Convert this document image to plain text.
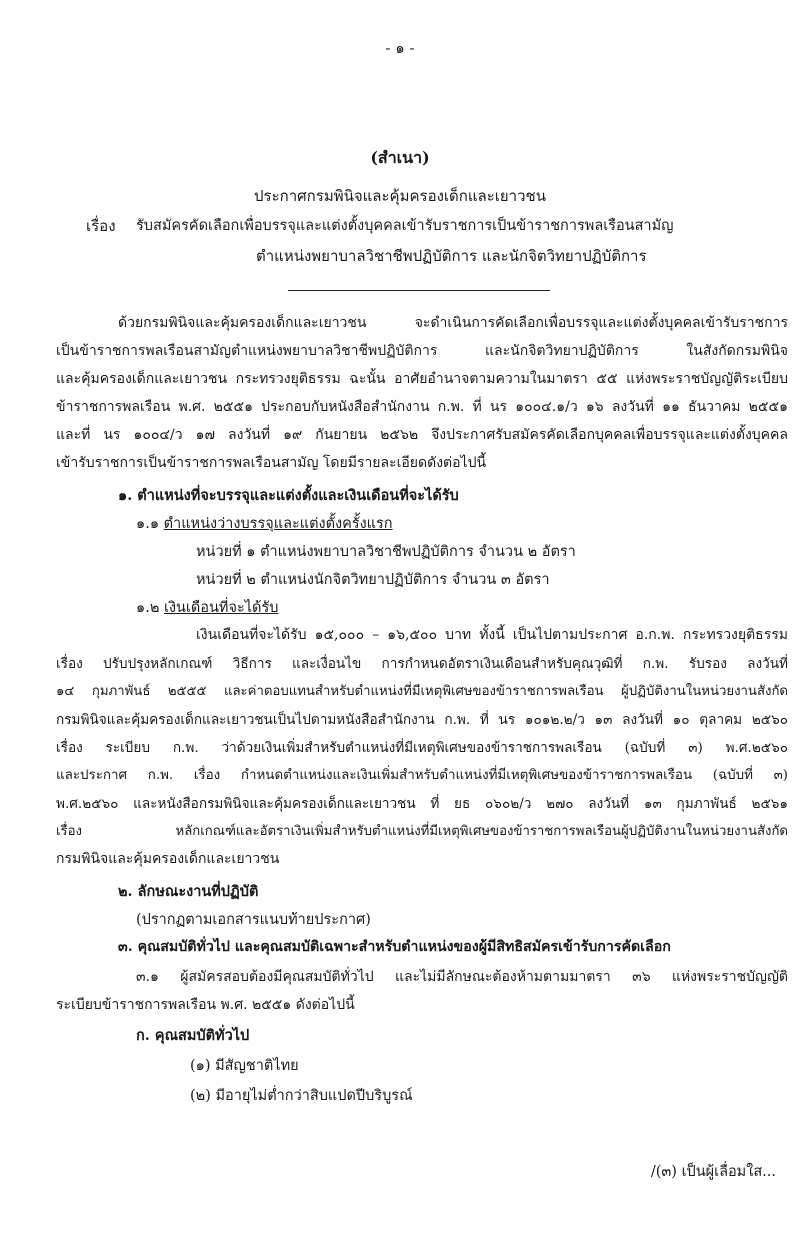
- ๑ -
(สำเนา)
ประกาศกรมพินิจและคุ้มครองเด็กและเยาวชน
เรื่อง รับสมัครคัดเลือกเพื่อบรรจุและแต่งตั้งบุคคลเข้ารับราชการเป็นข้าราชการพลเรือนสามัญ
ตำแหน่งพยาบาลวิชาชีพปฏิบัติการ และนักจิตวิทยาปฏิบัติการ
ด้วยกรมพินิจและคุ้มครองเด็กและเยาวชน จะดำเนินการคัดเลือกเพื่อบรรจุและแต่งตั้งบุคคลเข้ารับราชการ
เป็นข้าราชการพลเรือนสามัญตำแหน่งพยาบาลวิชาชีพปฏิบัติการ และนักจิตวิทยาปฏิบัติการ ในสังกัดกรมพินิจ
และคุ้มครองเด็กและเยาวชน กระทรวงยุติธรรม ฉะนั้น อาศัยอำนาจตามความในมาตรา ๕๕ แห่งพระราชบัญญัติระเบียบ
ข้าราชการพลเรือน พ.ศ. ๒๕๕๑ ประกอบกับหนังสือสำนักงาน ก.พ. ที่ นร ๑๐๐๔.๑/ว ๑๖ ลงวันที่ ๑๑ ธันวาคม ๒๕๕๑
และที่ นร ๑๐๐๔/ว ๑๗ ลงวันที่ ๑๙ กันยายน ๒๕๖๒ จึงประกาศรับสมัครคัดเลือกบุคคลเพื่อบรรจุและแต่งตั้งบุคคล
เข้ารับราชการเป็นข้าราชการพลเรือนสามัญ โดยมีรายละเอียดดังต่อไปนี้
๑. ตำแหน่งที่จะบรรจุและแต่งตั้งและเงินเดือนที่จะได้รับ
๑.๑ ตำแหน่งว่างบรรจุและแต่งตั้งครั้งแรก
หน่วยที่ ๑ ตำแหน่งพยาบาลวิชาชีพปฏิบัติการ จำนวน ๒ อัตรา
หน่วยที่ ๒ ตำแหน่งนักจิตวิทยาปฏิบัติการ จำนวน ๓ อัตรา
๑.๒ เงินเดือนที่จะได้รับ
เงินเดือนที่จะได้รับ ๑๕,๐๐๐ – ๑๖,๕๐๐ บาท ทั้งนี้ เป็นไปตามประกาศ อ.ก.พ. กระทรวงยุติธรรม
เรื่อง ปรับปรุงหลักเกณฑ์ วิธีการ และเงื่อนไข การกำหนดอัตราเงินเดือนสำหรับคุณวุฒิที่ ก.พ. รับรอง ลงวันที่
๑๔ กุมภาพันธ์ ๒๕๕๕ และค่าตอบแทนสำหรับตำแหน่งที่มีเหตุพิเศษของข้าราชการพลเรือน ผู้ปฏิบัติงานในหน่วยงานสังกัด
กรมพินิจและคุ้มครองเด็กและเยาวชนเป็นไปตามหนังสือสำนักงาน ก.พ. ที่ นร ๑๐๑๒.๒/ว ๑๓ ลงวันที่ ๑๐ ตุลาคม ๒๕๖๐
เรื่อง ระเบียบ ก.พ. ว่าด้วยเงินเพิ่มสำหรับตำแหน่งที่มีเหตุพิเศษของข้าราชการพลเรือน (ฉบับที่ ๓) พ.ศ.๒๕๖๐
และประกาศ ก.พ. เรื่อง กำหนดตำแหน่งและเงินเพิ่มสำหรับตำแหน่งที่มีเหตุพิเศษของข้าราชการพลเรือน (ฉบับที่ ๓)
พ.ศ.๒๕๖๐ และหนังสือกรมพินิจและคุ้มครองเด็กและเยาวชน ที่ ยธ ๐๖๐๒/ว ๒๗๐ ลงวันที่ ๑๓ กุมภาพันธ์ ๒๕๖๑
เรื่อง หลักเกณฑ์และอัตราเงินเพิ่มสำหรับตำแหน่งที่มีเหตุพิเศษของข้าราชการพลเรือนผู้ปฏิบัติงานในหน่วยงานสังกัด
กรมพินิจและคุ้มครองเด็กและเยาวชน
๒. ลักษณะงานที่ปฏิบัติ
(ปรากฏตามเอกสารแนบท้ายประกาศ)
๓. คุณสมบัติทั่วไป และคุณสมบัติเฉพาะสำหรับตำแหน่งของผู้มีสิทธิสมัครเข้ารับการคัดเลือก
๓.๑ ผู้สมัครสอบต้องมีคุณสมบัติทั่วไป และไม่มีลักษณะต้องห้ามตามมาตรา ๓๖ แห่งพระราชบัญญัติ
ระเบียบข้าราชการพลเรือน พ.ศ. ๒๕๕๑ ดังต่อไปนี้
ก. คุณสมบัติทั่วไป
(๑) มีสัญชาติไทย
(๒) มีอายุไม่ต่ำกว่าสิบแปดปีบริบูรณ์
/(๓) เป็นผู้เลื่อมใส...
